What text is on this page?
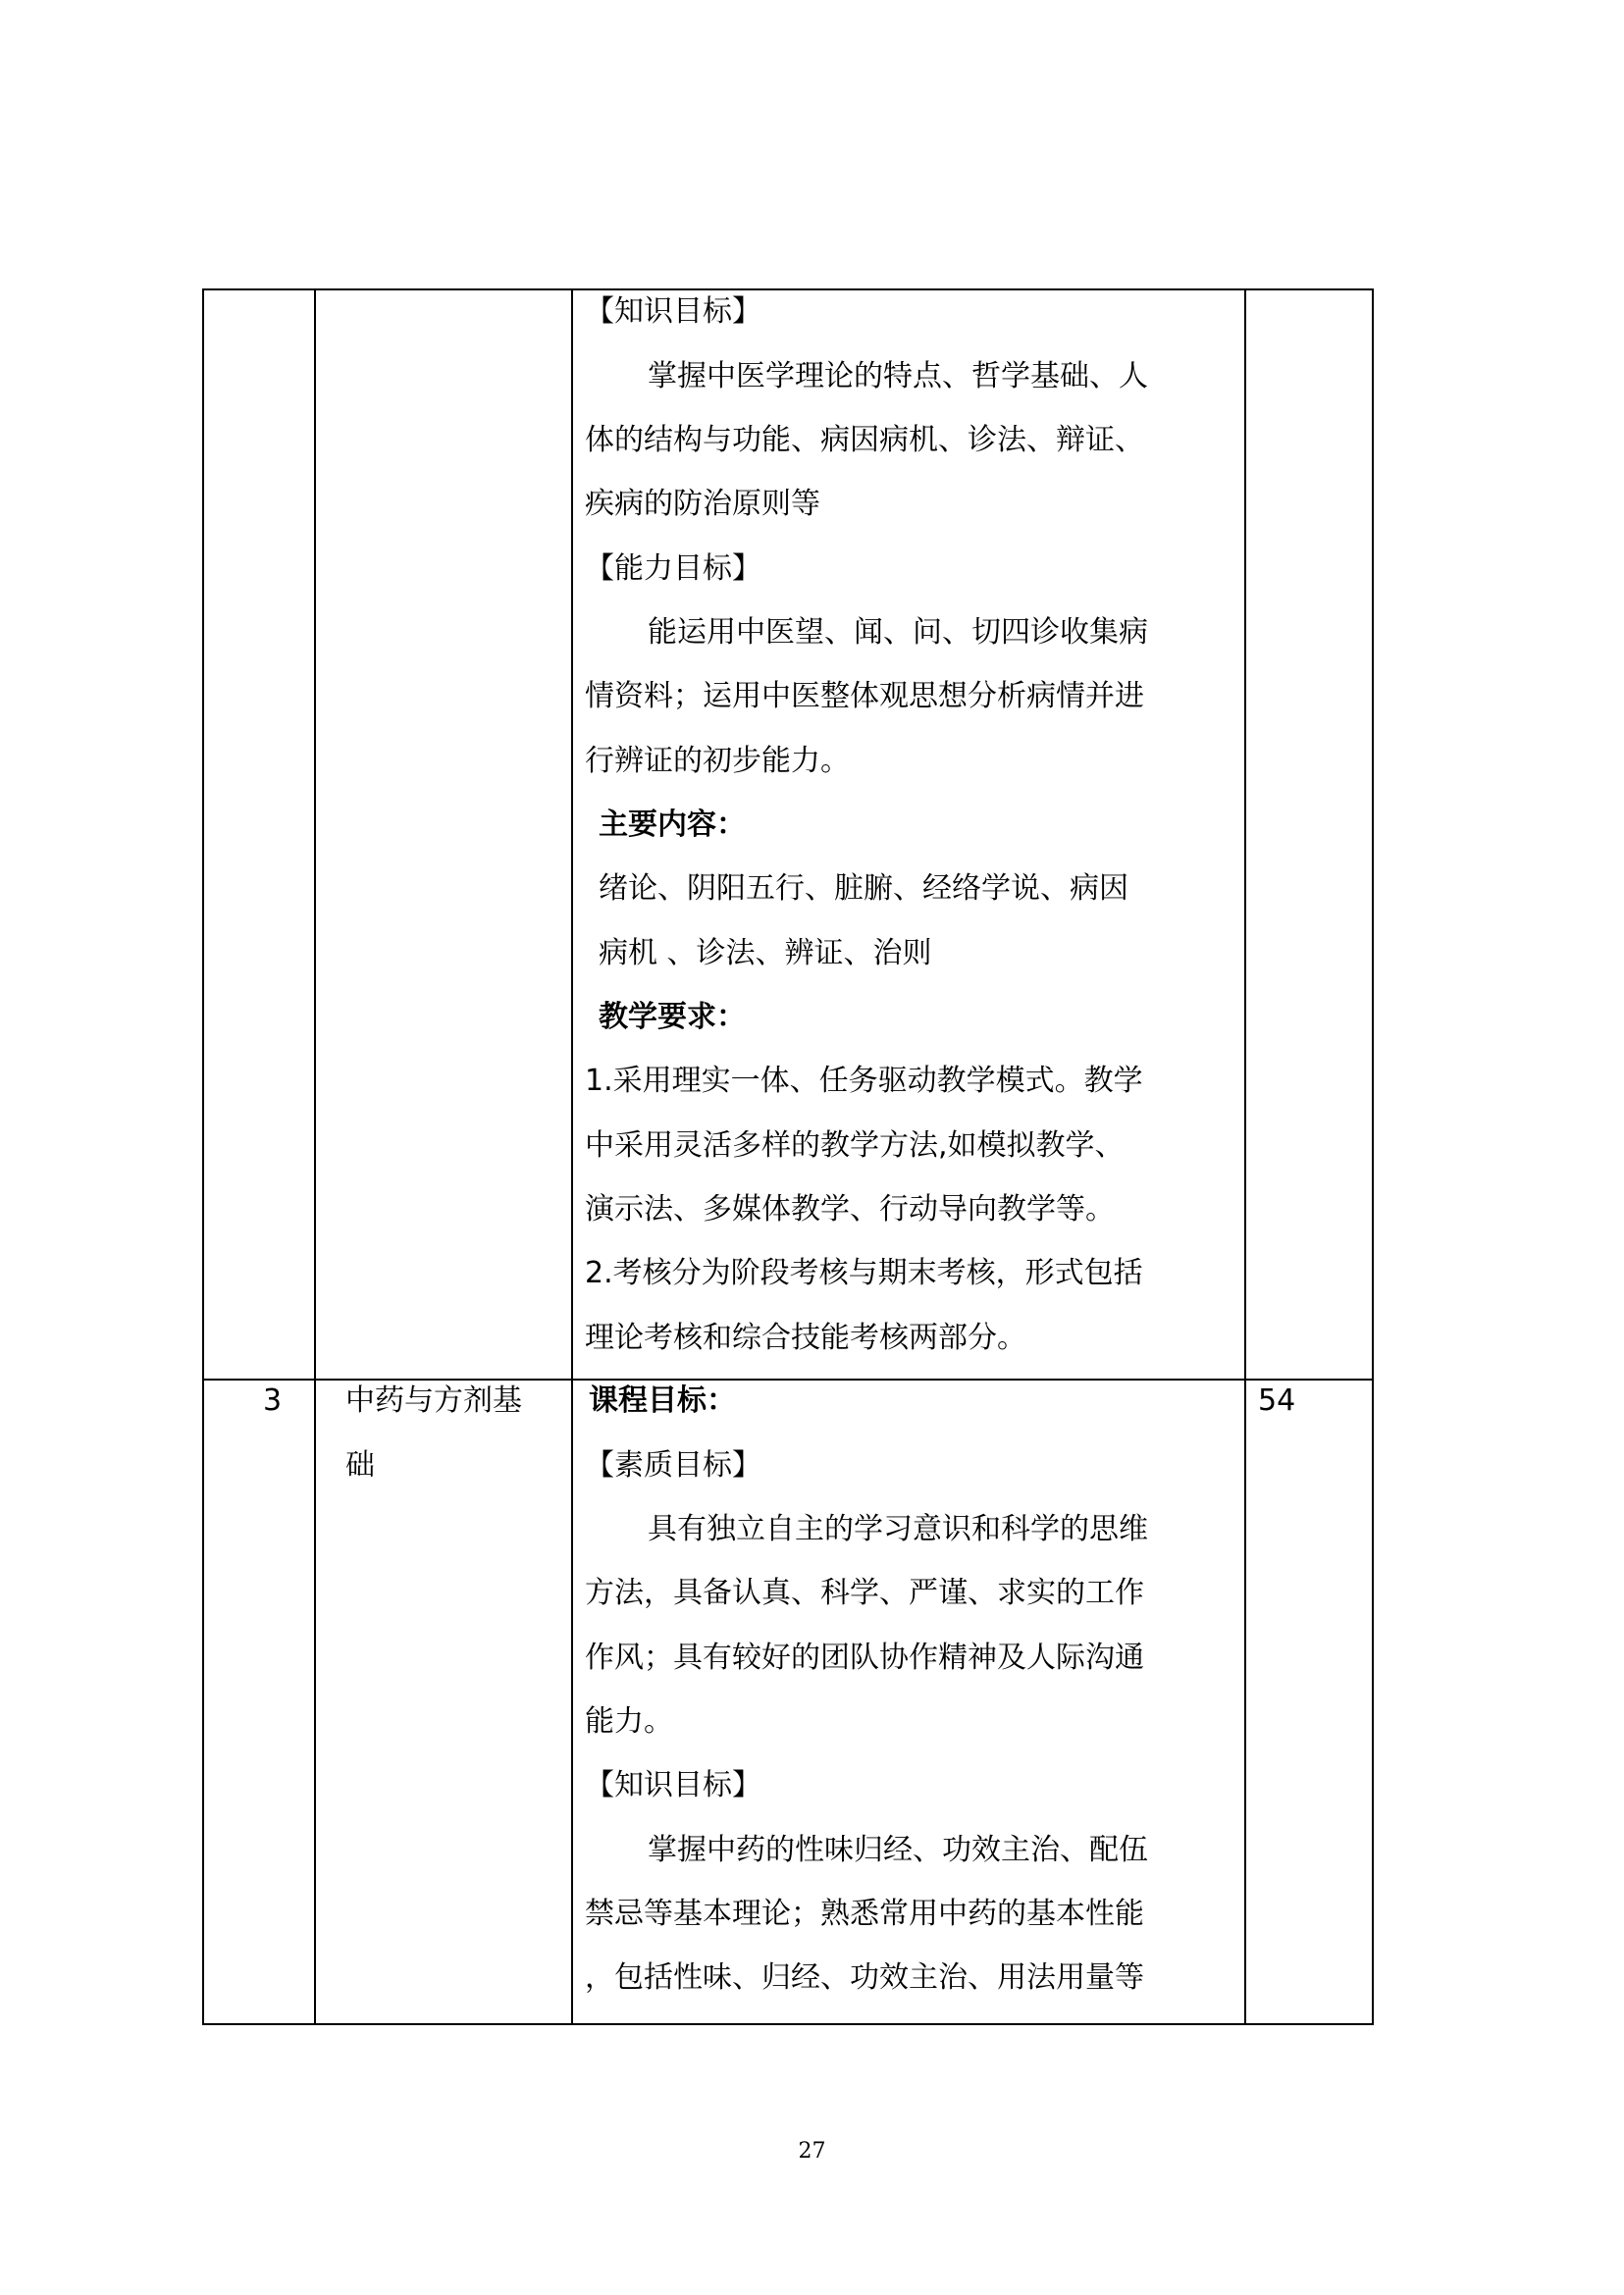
【知识目标】
掌握中医学理论的特点、哲学基础、人
体的结构与功能、病因病机、诊法、辩证、
疾病的防治原则等
【能力目标】
能运用中医望、闻、问、切四诊收集病
情资料；运用中医整体观思想分析病情并进
行辨证的初步能力。
主要内容：
绪论、阴阳五行、脏腑、经络学说、病因
病机 、诊法、辨证、治则
教学要求：
1.采用理实一体、任务驱动教学模式。教学
中采用灵活多样的教学方法,如模拟教学、
演示法、多媒体教学、行动导向教学等。
2.考核分为阶段考核与期末考核，形式包括
理论考核和综合技能考核两部分。
3 中药与方剂基
础
课程目标：
【素质目标】
具有独立自主的学习意识和科学的思维
方法，具备认真、科学、严谨、求实的工作
作风；具有较好的团队协作精神及人际沟通
能力。
【知识目标】
掌握中药的性味归经、功效主治、配伍
禁忌等基本理论；熟悉常用中药的基本性能
，包括性味、归经、功效主治、用法用量等
54
27
